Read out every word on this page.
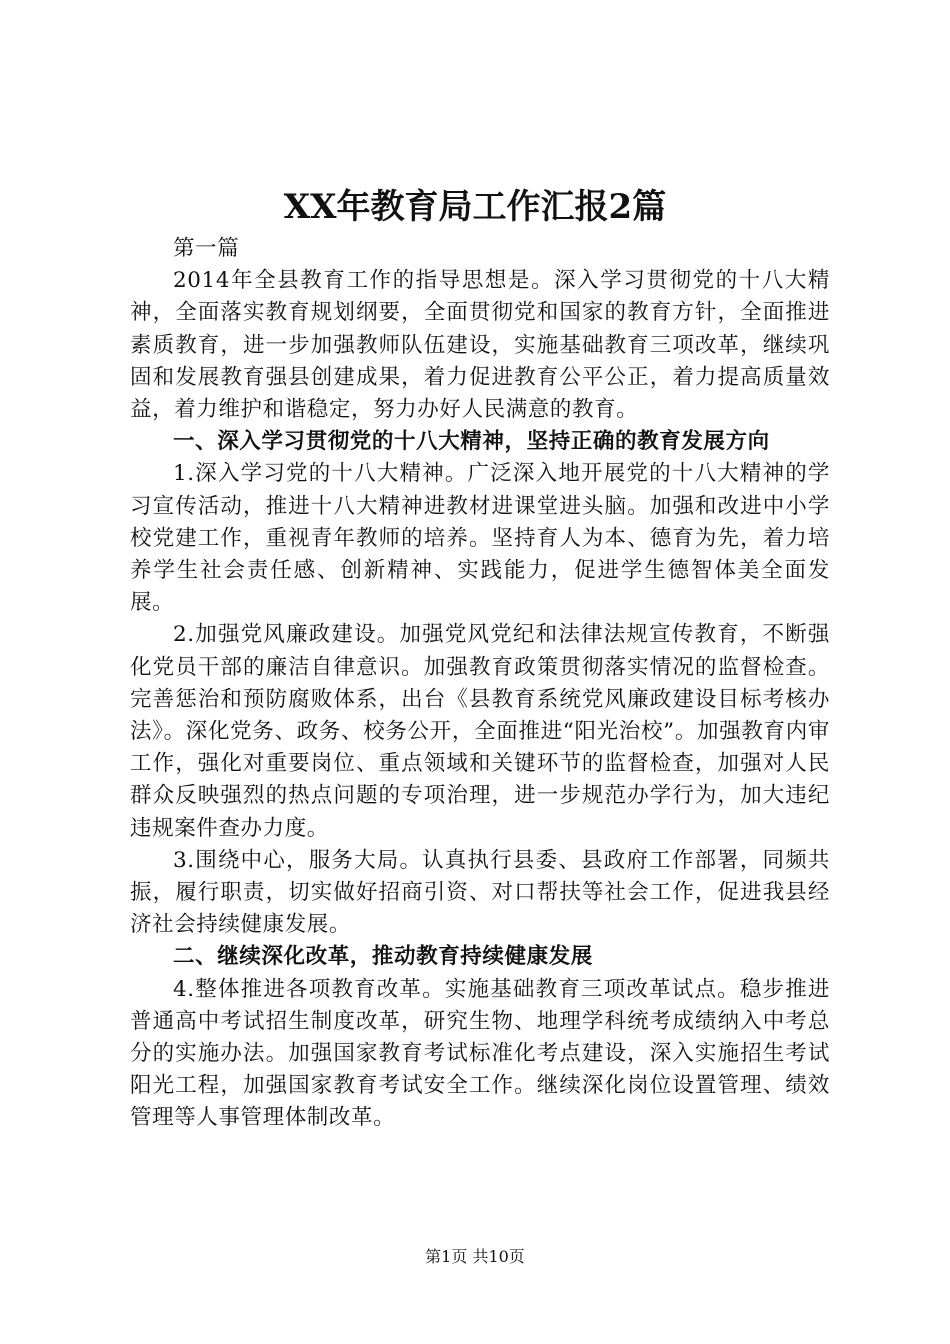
XX年教育局工作汇报2篇

第一篇

2014年全县教育工作的指导思想是。深入学习贯彻党的十八大精神，全面落实教育规划纲要，全面贯彻党和国家的教育方针，全面推进素质教育，进一步加强教师队伍建设，实施基础教育三项改革，继续巩固和发展教育强县创建成果，着力促进教育公平公正，着力提高质量效益，着力维护和谐稳定，努力办好人民满意的教育。

一、深入学习贯彻党的十八大精神，坚持正确的教育发展方向

1.深入学习党的十八大精神。广泛深入地开展党的十八大精神的学习宣传活动，推进十八大精神进教材进课堂进头脑。加强和改进中小学校党建工作，重视青年教师的培养。坚持育人为本、德育为先，着力培养学生社会责任感、创新精神、实践能力，促进学生德智体美全面发展。

2.加强党风廉政建设。加强党风党纪和法律法规宣传教育，不断强化党员干部的廉洁自律意识。加强教育政策贯彻落实情况的监督检查。完善惩治和预防腐败体系，出台《县教育系统党风廉政建设目标考核办法》。深化党务、政务、校务公开，全面推进“阳光治校”。加强教育内审工作，强化对重要岗位、重点领域和关键环节的监督检查，加强对人民群众反映强烈的热点问题的专项治理，进一步规范办学行为，加大违纪违规案件查办力度。

3.围绕中心，服务大局。认真执行县委、县政府工作部署，同频共振，履行职责，切实做好招商引资、对口帮扶等社会工作，促进我县经济社会持续健康发展。

二、继续深化改革，推动教育持续健康发展

4.整体推进各项教育改革。实施基础教育三项改革试点。稳步推进普通高中考试招生制度改革，研究生物、地理学科统考成绩纳入中考总分的实施办法。加强国家教育考试标准化考点建设，深入实施招生考试阳光工程，加强国家教育考试安全工作。继续深化岗位设置管理、绩效管理等人事管理体制改革。

第1页 共10页
